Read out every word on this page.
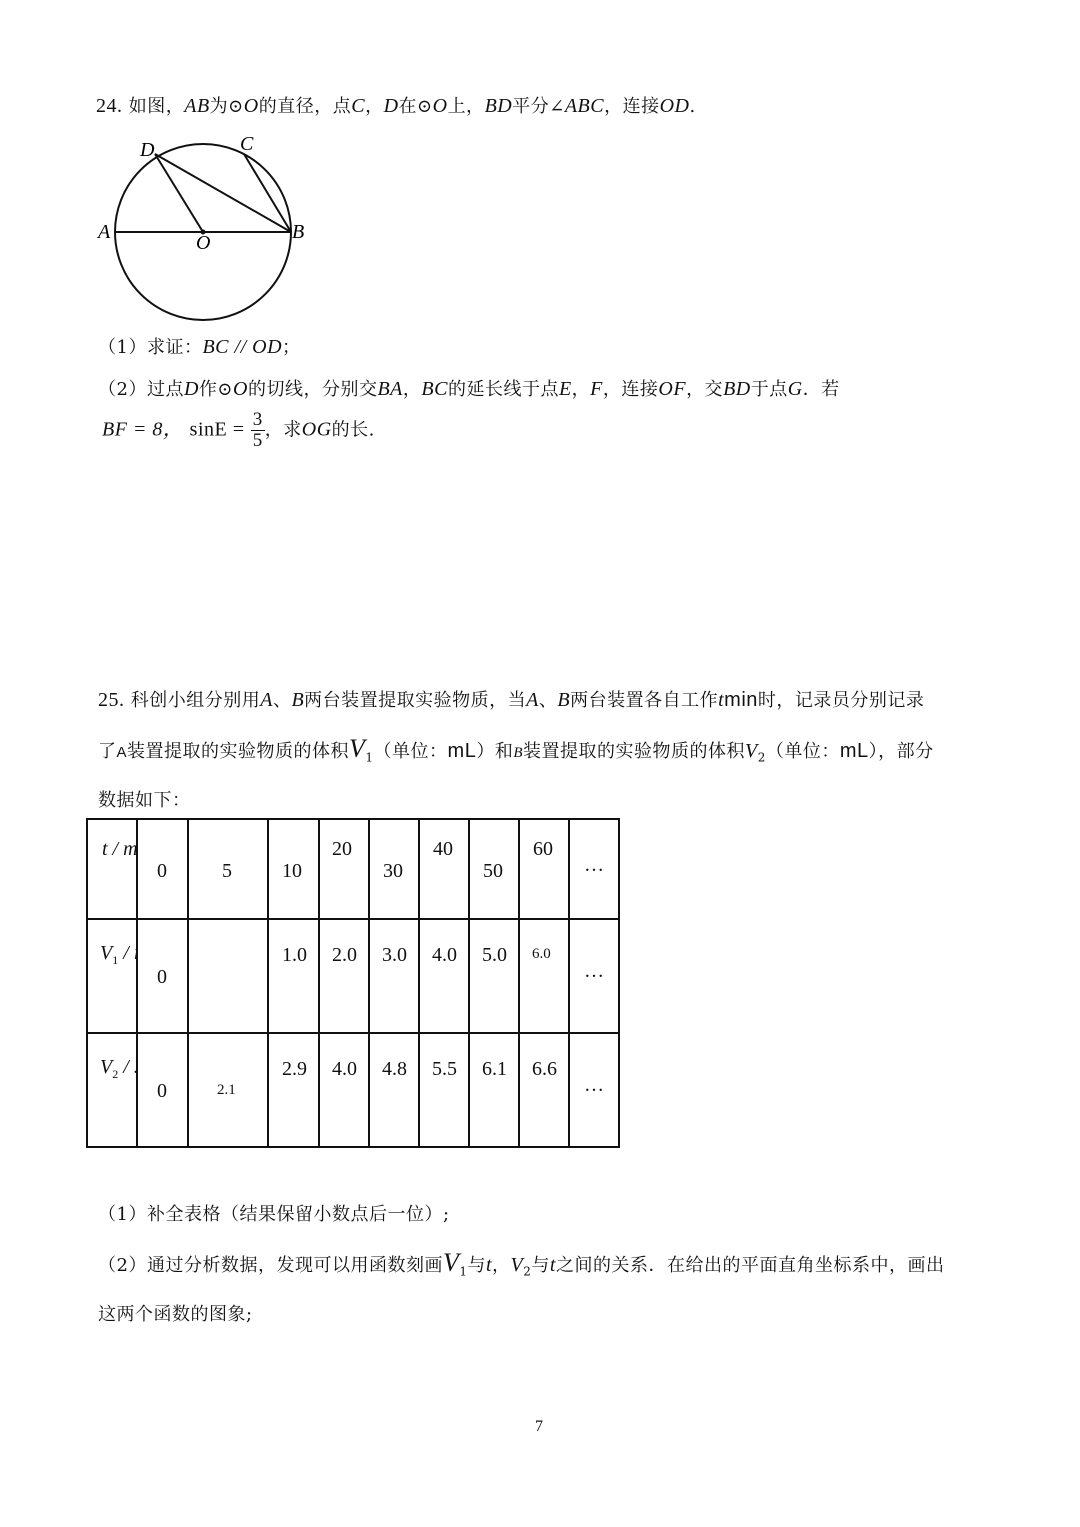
24. 如图，AB为⊙O的直径，点C，D在⊙O上，BD平分∠ABC，连接OD.
A	B
C
D
O
（1）求证：BC // OD；
（2）过点D作⊙O的切线，分别交BA，BC的延长线于点E，F，连接OF，交BD于点G．若
BF = 8， $\sin E = \frac{3}{5}$ ，求OG的长.
25. 科创小组分别用A、B两台装置提取实验物质，当A、B两台装置各自工作tmin时，记录员分别记录
了A装置提取的实验物质的体积$V_1$（单位：mL）和B装置提取的实验物质的体积$V_2$（单位：mL），部分
数据如下：
t / m	0	5	10	20	30	40	50	60	…

$V_1$ / ı	0		1.0	2.0	3.0	4.0	5.0	6.0	…

$V_2$ / .	0	2.1	2.9	4.0	4.8	5.5	6.1	6.6	…
（1）补全表格（结果保留小数点后一位）;
（2）通过分析数据，发现可以用函数刻画$V_1$与t，$V_2$与t之间的关系．在给出的平面直角坐标系中，画出
这两个函数的图象;
7
